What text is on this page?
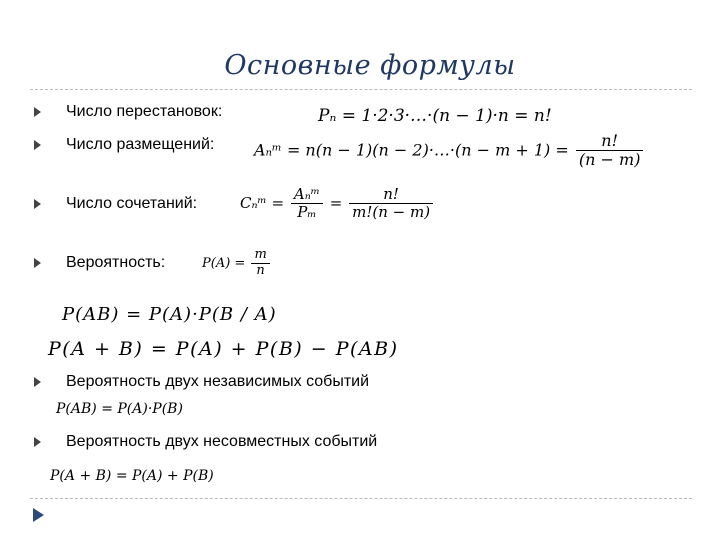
Основные формулы
Число перестановок:	Pₙ = 1·2·3·…·(n − 1)·n = n!
Число размещений: Aₙᵐ = n(n − 1)(n − 2)·…·(n − $m + 1) = \frac{n!}{(n - m)}$
Число сочетаний:	Cₙᵐ = $\frac{\text{Aₙᵐ}}{\text{Pₘ}} = \frac{n!}{m!(n - m)}$
Вероятность:	$P(A) = \frac{m}{n}$
P(AB) = P(A)·P(B / A)
P(A + B) = P(A) + P(B) − P(AB)
Вероятность двух независимых событий
P(AB) = P(A)·P(B)
Вероятность двух несовместных событий
P(A + B) = P(A) + P(B)
